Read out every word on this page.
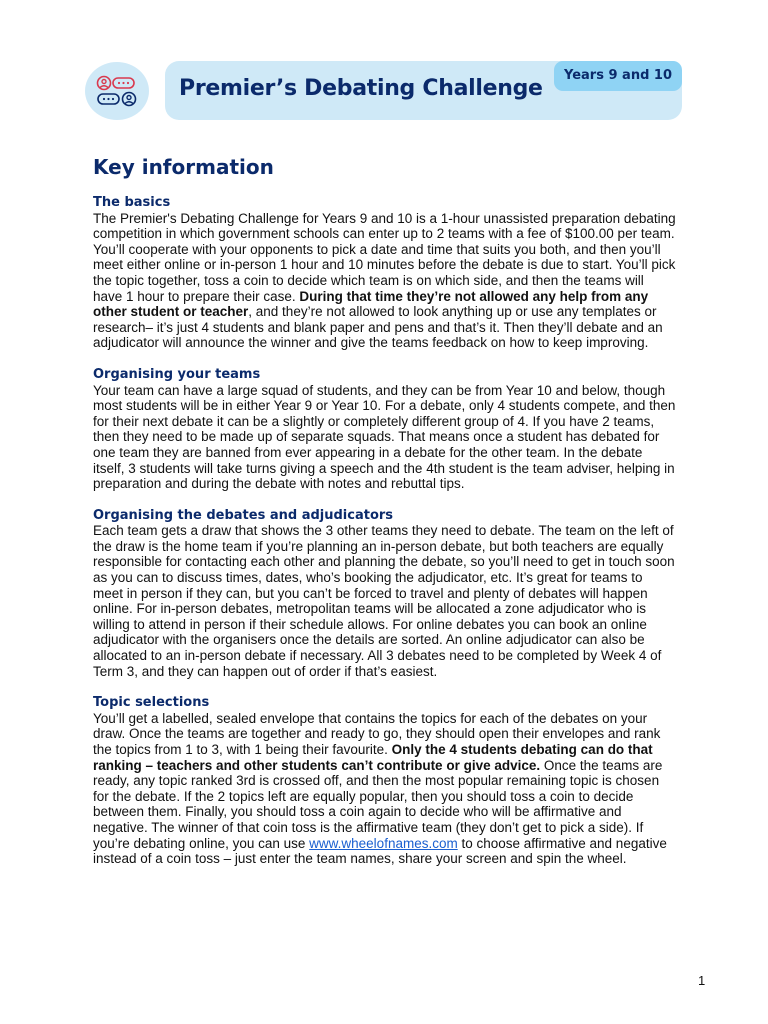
Premier’s Debating Challenge
Years 9 and 10
Key information
The basics

The Premier's Debating Challenge for Years 9 and 10 is a 1-hour unassisted preparation debating competition in which government schools can enter up to 2 teams with a fee of $100.00 per team. You’ll cooperate with your opponents to pick a date and time that suits you both, and then you’ll meet either online or in-person 1 hour and 10 minutes before the debate is due to start. You’ll pick the topic together, toss a coin to decide which team is on which side, and then the teams will have 1 hour to prepare their case. During that time they’re not allowed any help from any other student or teacher, and they’re not allowed to look anything up or use any templates or research– it’s just 4 students and blank paper and pens and that’s it. Then they’ll debate and an adjudicator will announce the winner and give the teams feedback on how to keep improving.

Organising your teams

Your team can have a large squad of students, and they can be from Year 10 and below, though most students will be in either Year 9 or Year 10. For a debate, only 4 students compete, and then for their next debate it can be a slightly or completely different group of 4. If you have 2 teams, then they need to be made up of separate squads. That means once a student has debated for one team they are banned from ever appearing in a debate for the other team. In the debate itself, 3 students will take turns giving a speech and the 4th student is the team adviser, helping in preparation and during the debate with notes and rebuttal tips.

Organising the debates and adjudicators

Each team gets a draw that shows the 3 other teams they need to debate. The team on the left of the draw is the home team if you’re planning an in-person debate, but both teachers are equally responsible for contacting each other and planning the debate, so you’ll need to get in touch soon as you can to discuss times, dates, who’s booking the adjudicator, etc. It’s great for teams to meet in person if they can, but you can’t be forced to travel and plenty of debates will happen online. For in-person debates, metropolitan teams will be allocated a zone adjudicator who is willing to attend in person if their schedule allows. For online debates you can book an online adjudicator with the organisers once the details are sorted. An online adjudicator can also be allocated to an in-person debate if necessary. All 3 debates need to be completed by Week 4 of Term 3, and they can happen out of order if that’s easiest.

Topic selections

You’ll get a labelled, sealed envelope that contains the topics for each of the debates on your draw. Once the teams are together and ready to go, they should open their envelopes and rank the topics from 1 to 3, with 1 being their favourite. Only the 4 students debating can do that ranking – teachers and other students can’t contribute or give advice. Once the teams are ready, any topic ranked 3rd is crossed off, and then the most popular remaining topic is chosen for the debate. If the 2 topics left are equally popular, then you should toss a coin to decide between them. Finally, you should toss a coin again to decide who will be affirmative and negative. The winner of that coin toss is the affirmative team (they don’t get to pick a side). If you’re debating online, you can use www.wheelofnames.com to choose affirmative and negative instead of a coin toss – just enter the team names, share your screen and spin the wheel.

1
